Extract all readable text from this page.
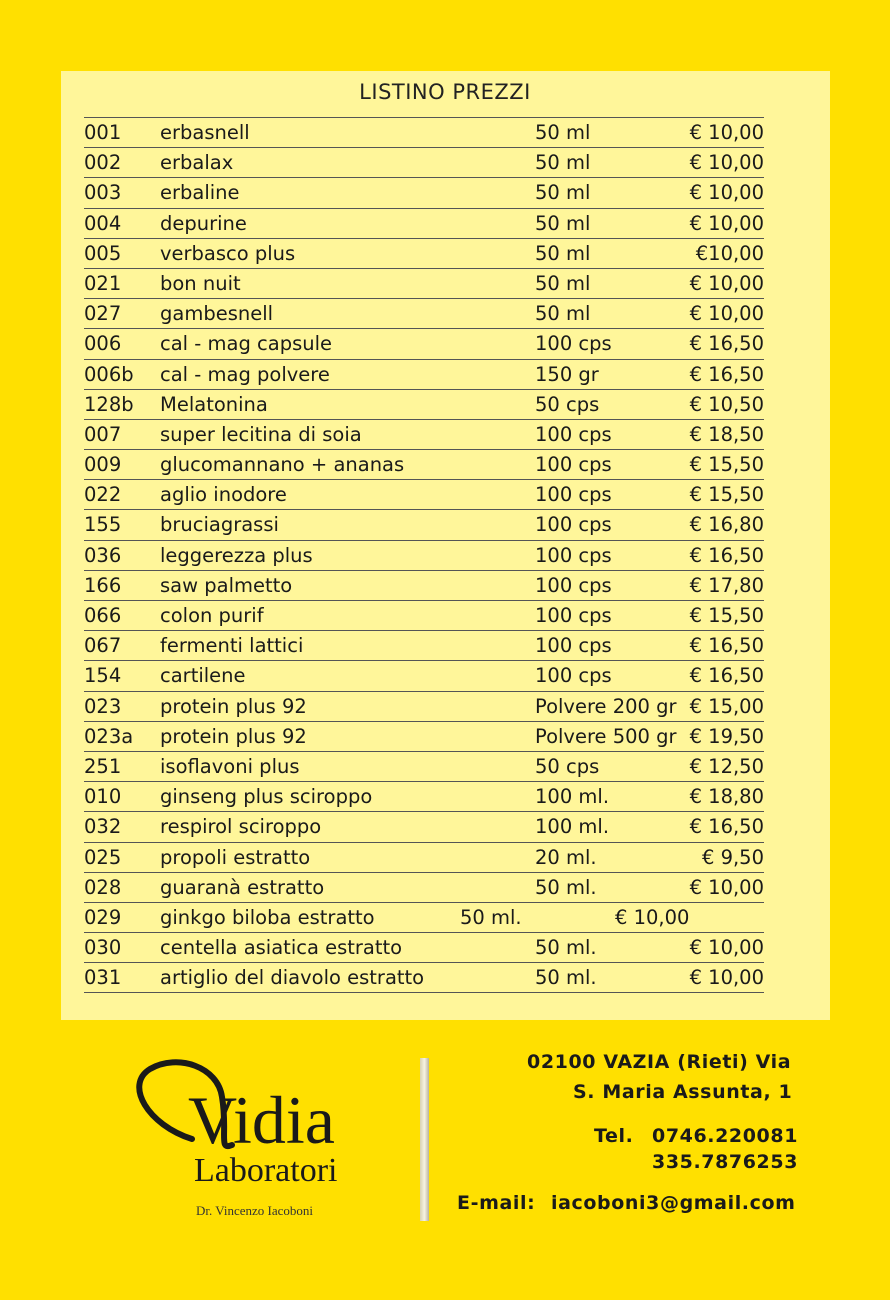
LISTINO PREZZI
001 erbasnell	50 ml	€ 10,00
002 erbalax	50 ml	€ 10,00
003 erbaline	50 ml	€ 10,00
004 depurine	50 ml	€ 10,00
005 verbasco plus	50 ml	€10,00
021 bon nuit	50 ml	€ 10,00
027 gambesnell	50 ml	€ 10,00
006 cal - mag capsule	100 cps	€ 16,50
006b cal - mag polvere	150 gr	€ 16,50
128b Melatonina	50 cps	€ 10,50
007 super lecitina di soia	100 cps	€ 18,50
009 glucomannano + ananas	100 cps	€ 15,50
022 aglio inodore	100 cps	€ 15,50
155 bruciagrassi	100 cps	€ 16,80
036 leggerezza plus	100 cps	€ 16,50
166 saw palmetto	100 cps	€ 17,80
066 colon purif	100 cps	€ 15,50
067 fermenti lattici	100 cps	€ 16,50
154 cartilene	100 cps	€ 16,50
023 protein plus 92	Polvere 200 gr € 15,00
023a protein plus 92	Polvere 500 gr € 19,50
251 isoflavoni plus	50 cps	€ 12,50
010 ginseng plus sciroppo	100 ml.	€ 18,80
032 respirol sciroppo	100 ml.	€ 16,50
025 propoli estratto	20 ml.	€ 9,50
028 guaranà estratto	50 ml.	€ 10,00
029 ginkgo biloba estratto	50 ml.	€ 10,00
030 centella asiatica estratto	50 ml.	€ 10,00
031 artiglio del diavolo estratto	50 ml.	€ 10,00
Vidia
Laboratori
Dr. Vincenzo Iacoboni
02100 VAZIA (Rieti) Via
S. Maria Assunta, 1
Tel. 0746.220081
335.7876253
E-mail: iacoboni3@gmail.com
